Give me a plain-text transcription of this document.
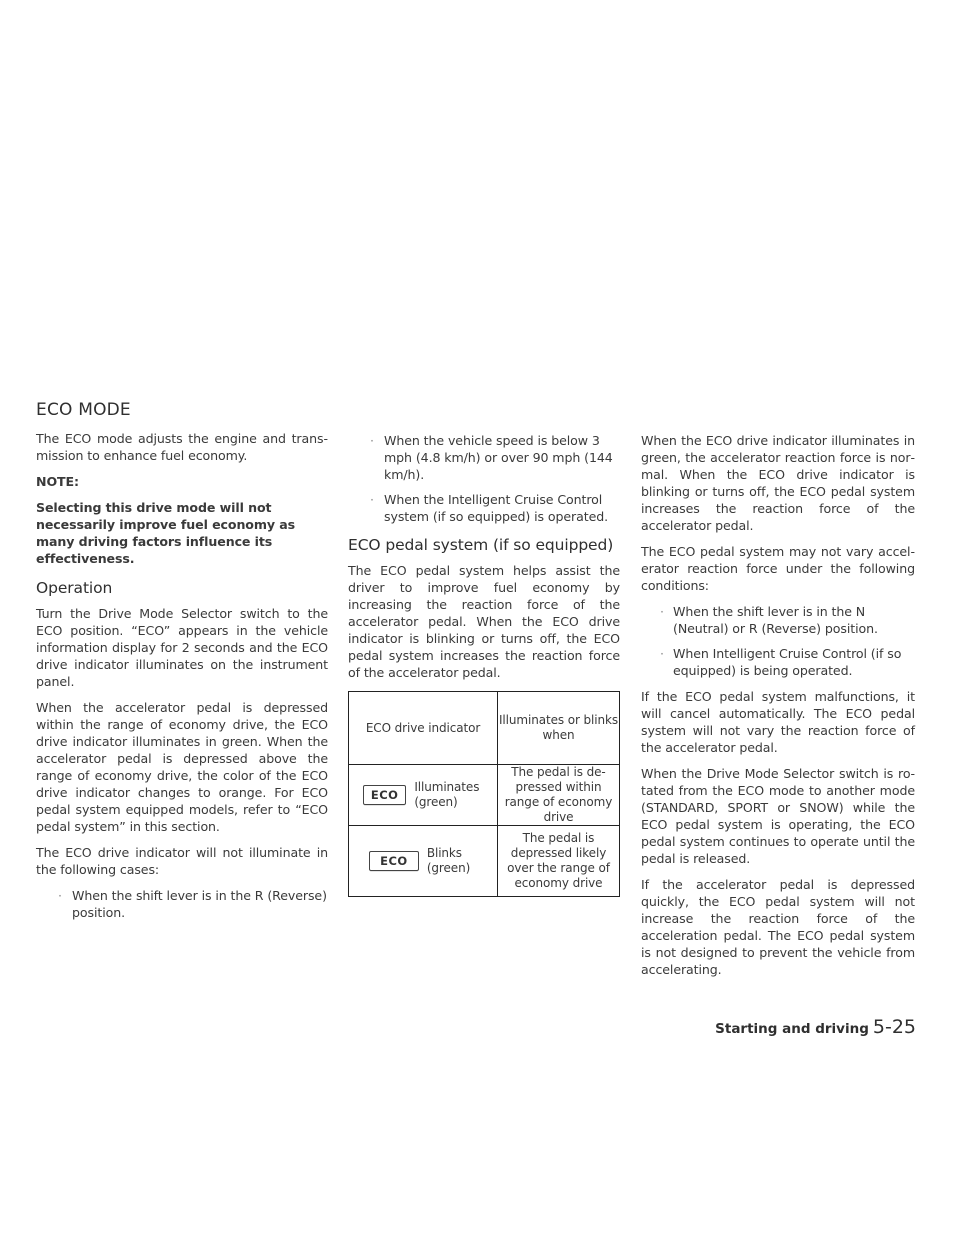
ECO MODE

The ECO mode adjusts the engine and transmission to enhance fuel economy.

NOTE:

Selecting this drive mode will not necessarily improve fuel economy as many driving factors influence its effectiveness.

Operation

Turn the Drive Mode Selector switch to the ECO position. “ECO” appears in the vehicle information display for 2 seconds and the ECO drive indicator illuminates on the instrument panel.

When the accelerator pedal is depressed within the range of economy drive, the ECO drive indicator illuminates in green. When the accelerator pedal is depressed above the range of economy drive, the color of the ECO drive indicator changes to orange. For ECO pedal system equipped models, refer to “ECO pedal system” in this section.

The ECO drive indicator will not illuminate in the following cases:

· When the shift lever is in the R (Reverse) position.
· When the vehicle speed is below 3 mph (4.8 km/h) or over 90 mph (144 km/h).
· When the Intelligent Cruise Control system (if so equipped) is operated.
ECO pedal system (if so equipped)

The ECO pedal system helps assist the driver to improve fuel economy by increasing the reaction force of the accelerator pedal. When the ECO drive indicator is blinking or turns off, the ECO pedal system increases the reaction force of the accelerator pedal.

ECO drive indicator	Illuminates or blinks when

ECO
Illuminates (green)	The pedal is depressed within range of economy drive

ECO
Blinks (green)	The pedal is depressed likely over the range of economy drive

When the ECO drive indicator illuminates in green, the accelerator reaction force is normal. When the ECO drive indicator is blinking or turns off, the ECO pedal system increases the reaction force of the accelerator pedal.

The ECO pedal system may not vary accelerator reaction force under the following conditions:

· When the shift lever is in the N (Neutral) or R (Reverse) position.
· When Intelligent Cruise Control (if so equipped) is being operated.

If the ECO pedal system malfunctions, it will cancel automatically. The ECO pedal system will not vary the reaction force of the accelerator pedal.

When the Drive Mode Selector switch is rotated from the ECO mode to another mode (STANDARD, SPORT or SNOW) while the ECO pedal system is operating, the ECO pedal system continues to operate until the pedal is released.

If the accelerator pedal is depressed quickly, the ECO pedal system will not increase the reaction force of the acceleration pedal. The ECO pedal system is not designed to prevent the vehicle from accelerating.

Starting and driving 5-25
